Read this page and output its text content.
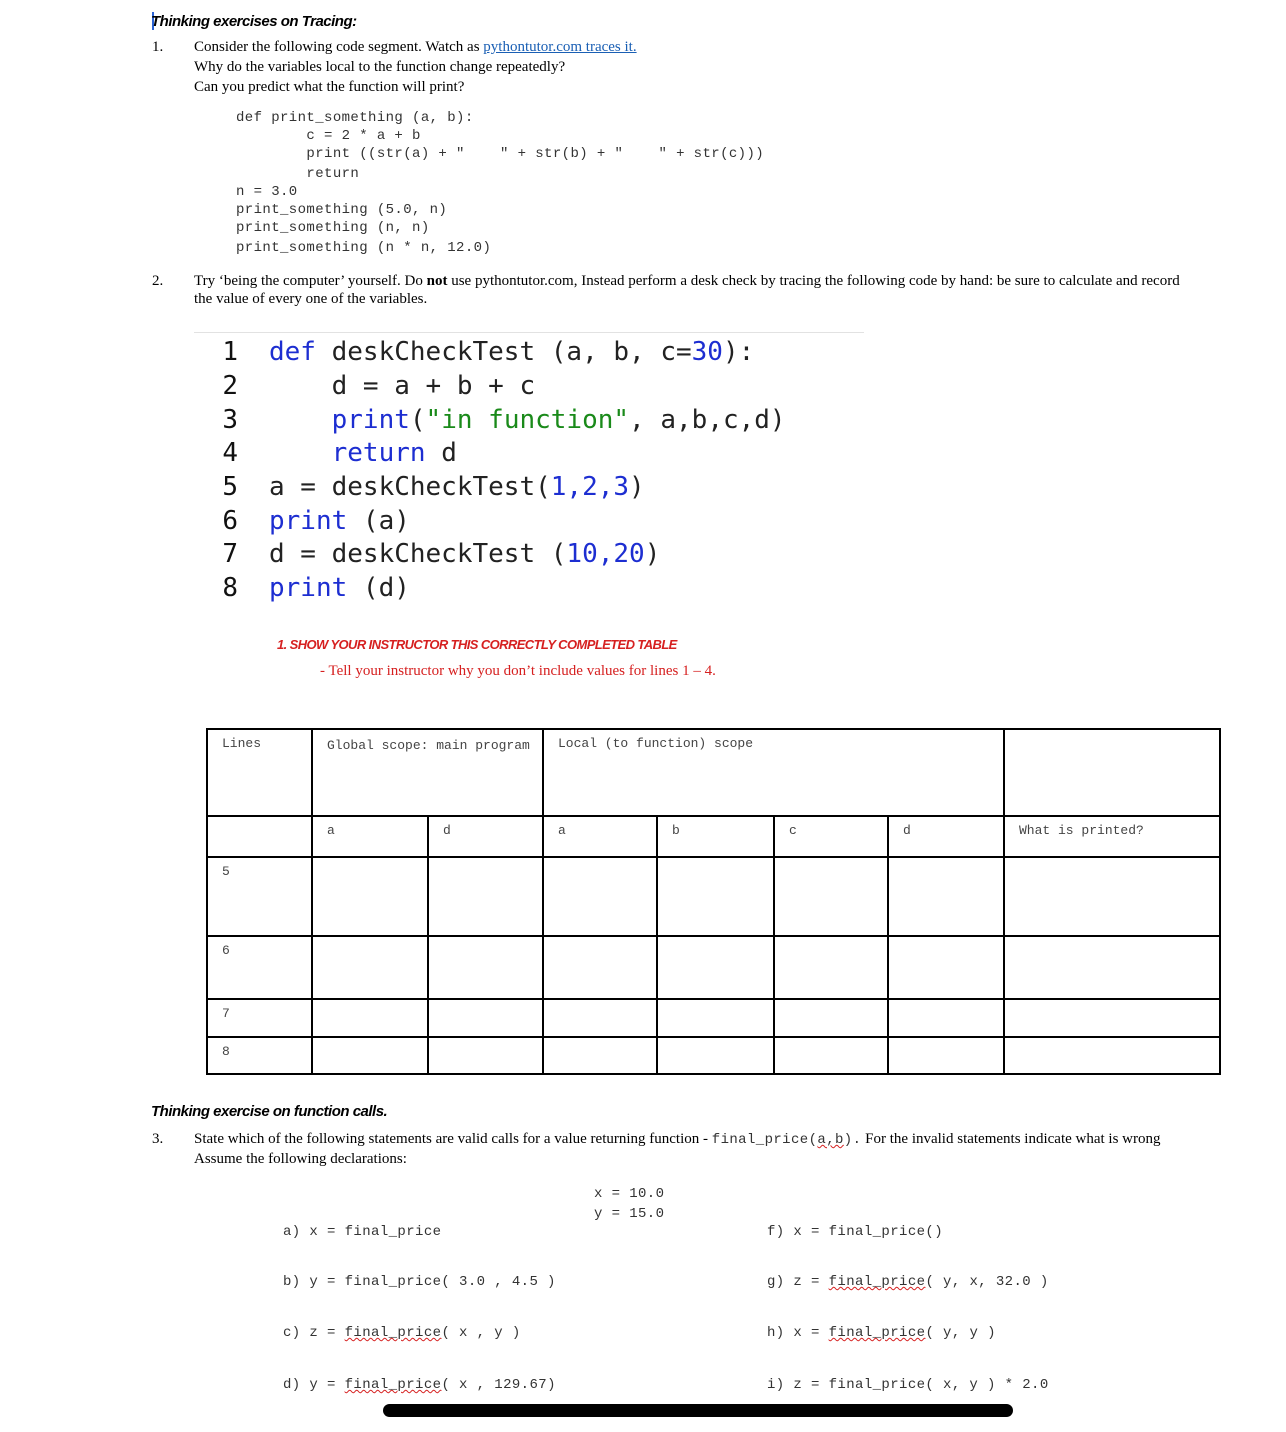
Thinking exercises on Tracing:
1. Consider the following code segment. Watch as pythontutor.com traces it.
Why do the variables local to the function change repeatedly?
Can you predict what the function will print?
def print_something (a, b):
c = 2 * a + b
print ((str(a) + "    " + str(b) + "    " + str(c)))
return
n = 3.0
print_something (5.0, n)
print_something (n, n)
print_something (n * n, 12.0)
2. Try ‘being the computer’ yourself. Do not use pythontutor.com, Instead perform a desk check by tracing the following code by hand: be sure to calculate and record
the value of every one of the variables.
1
2
3
4
5
6
7
8
def deskCheckTest (a, b, c=30):
d = a + b + c
print("in function", a,b,c,d)
return d
a = deskCheckTest(1,2,3)
print (a)
d = deskCheckTest (10,20)
print (d)
1. SHOW YOUR INSTRUCTOR THIS CORRECTLY COMPLETED TABLE
- Tell your instructor why you don’t include values for lines 1 – 4.
Lines	Global scope: main program		Local (to function) scope				
	a	d	a	b	c	d	What is printed?
5							
6							
7							
8							
Thinking exercise on function calls.
3. State which of the following statements are valid calls for a value returning function - final_price(a,b). For the invalid statements indicate what is wrong
Assume the following declarations:
x = 10.0
y = 15.0
a) x = final_price
b) y = final_price( 3.0 , 4.5 )
c) z = final_price( x , y )
d) y = final_price( x , 129.67)
f) x = final_price()
g) z = final_price( y, x, 32.0 )
h) x = final_price( y, y )
i) z = final_price( x, y ) * 2.0
